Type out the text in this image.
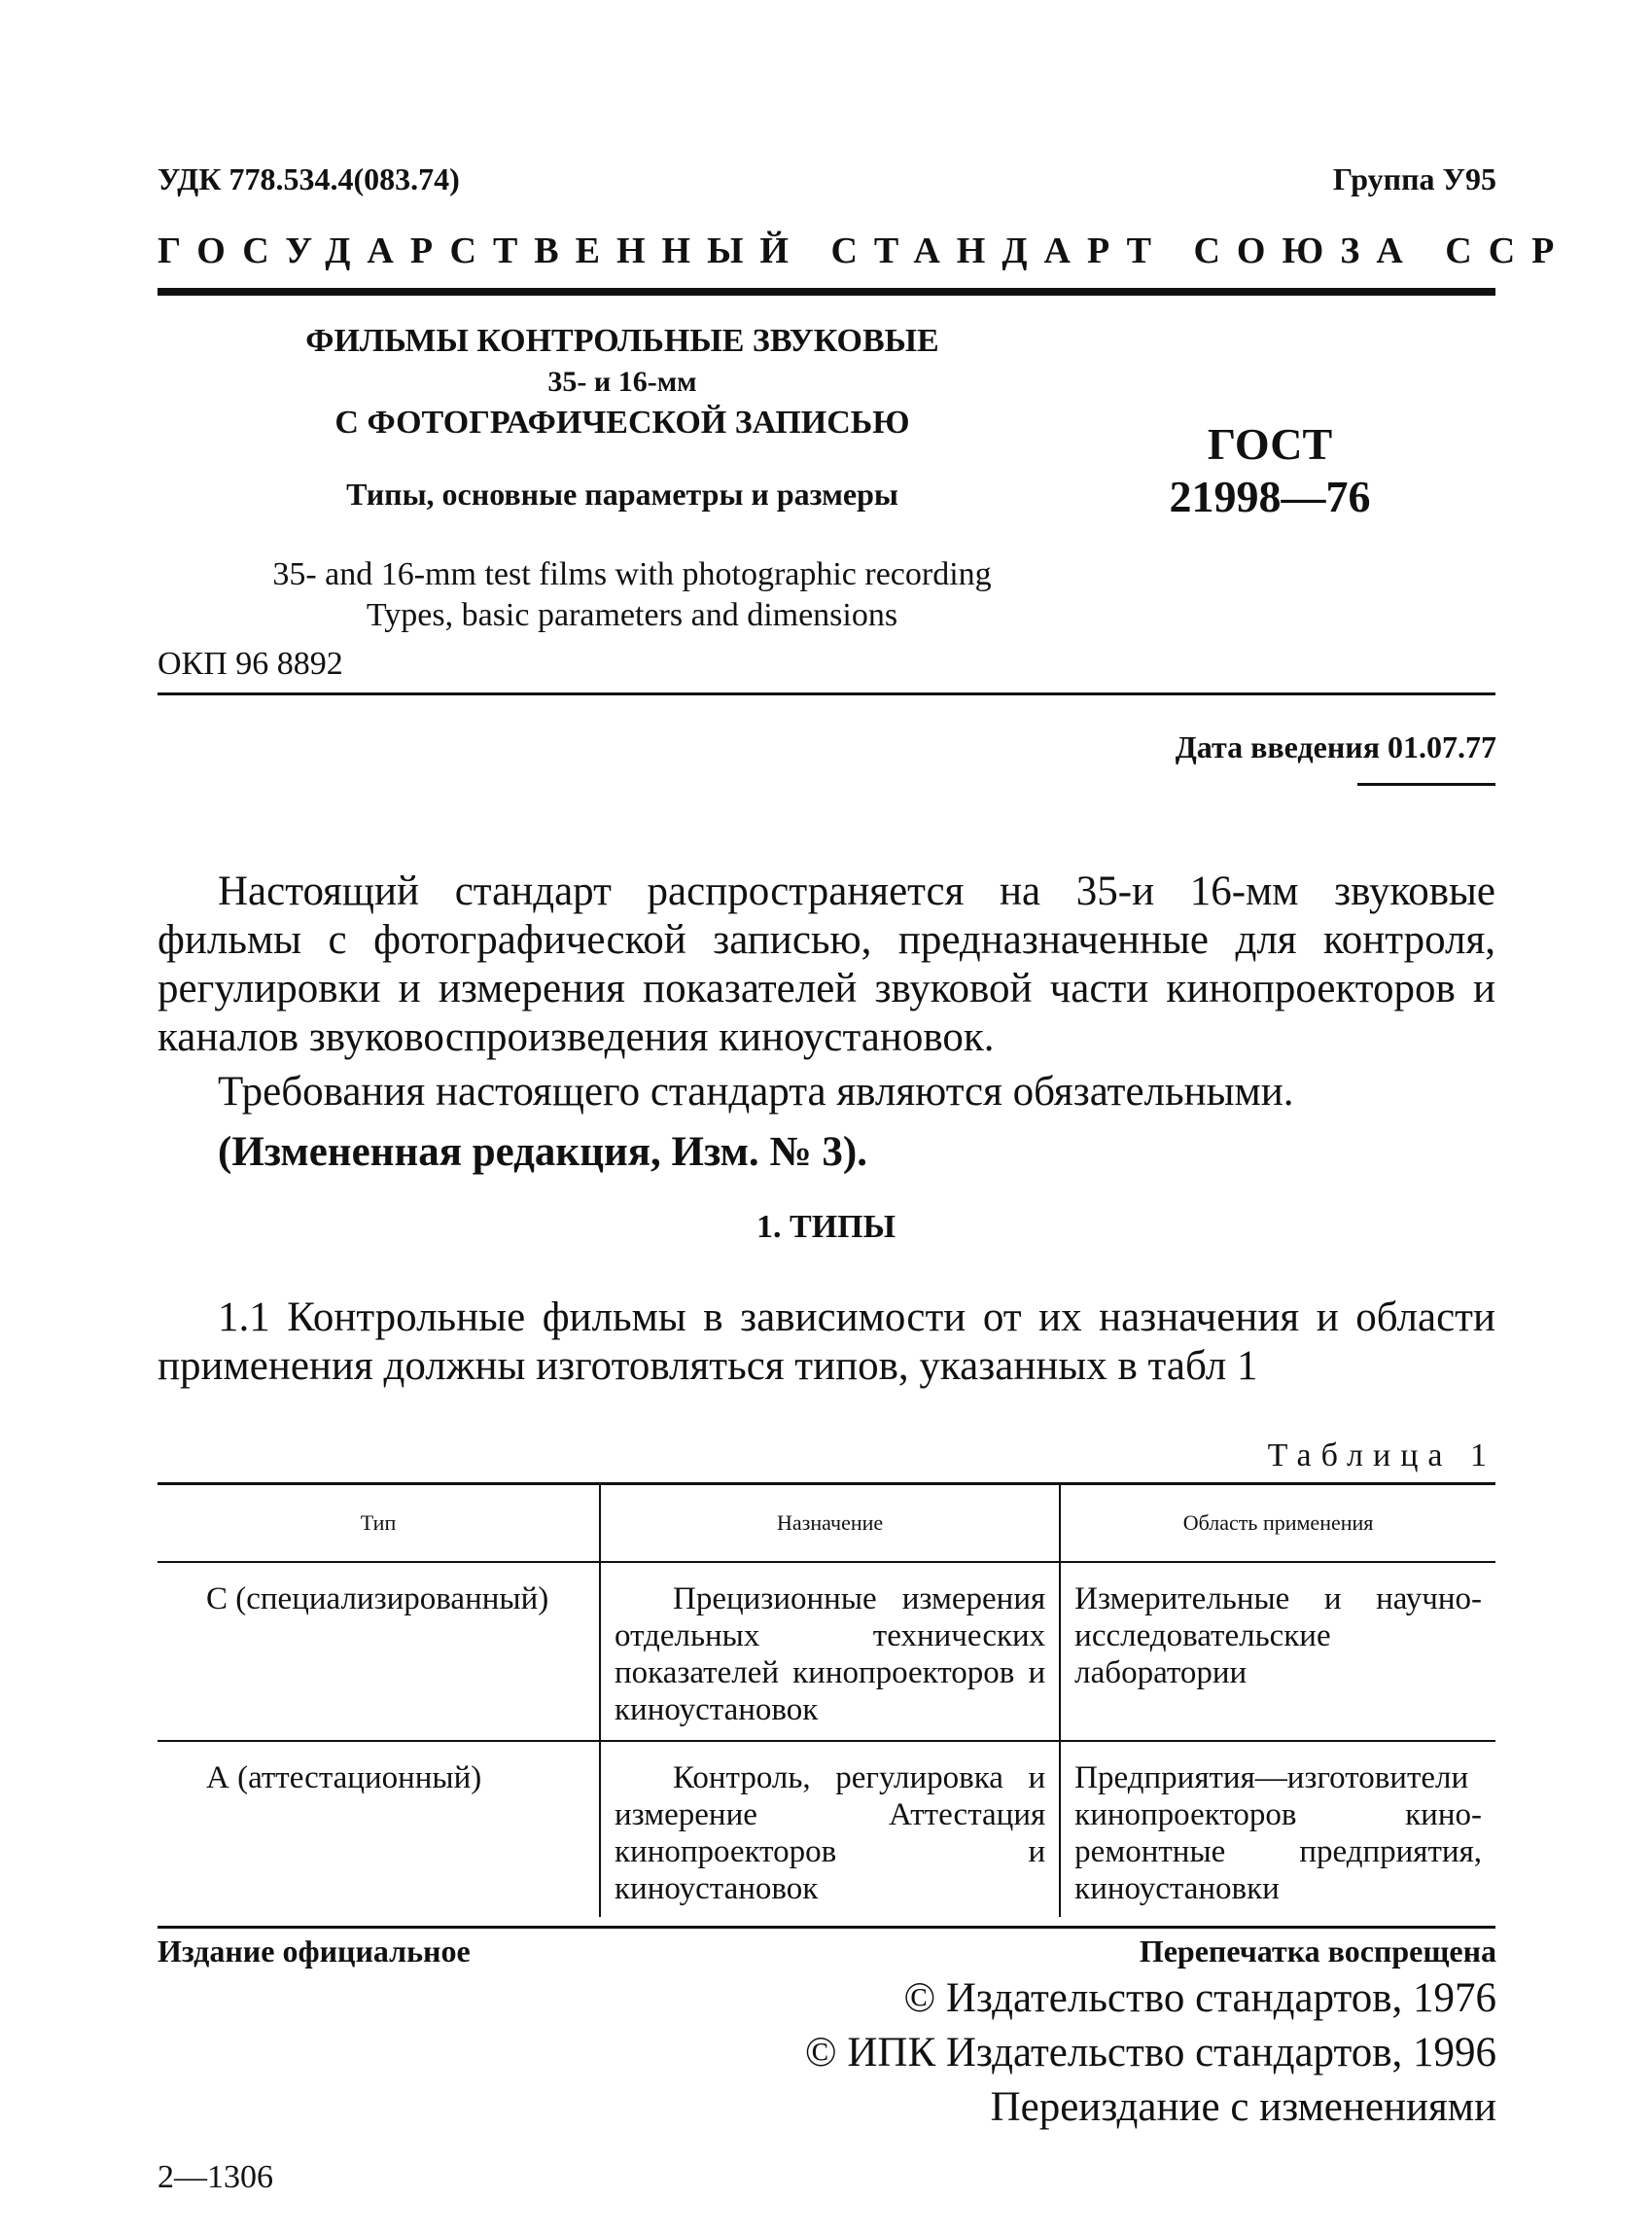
УДК 778.534.4(083.74)	Группа У95
ГОСУДАРСТВЕННЫЙ СТАНДАРТ СОЮЗА ССР
ФИЛЬМЫ КОНТРОЛЬНЫЕ ЗВУКОВЫЕ
35- и 16-мм
С ФОТОГРАФИЧЕСКОЙ ЗАПИСЬЮ
Типы, основные параметры и размеры
ГОСТ
21998—76
35- and 16-mm test films with photographic recording
Types, basic parameters and dimensions
ОКП 96 8892
Дата введения 01.07.77
Настоящий стандарт распространяется на 35-и 16-мм звуковые фильмы с фотографической записью, предназначенные для контроля, регулировки и измерения показателей звуковой части кинопроекторов и каналов звуковоспроизведения киноустановок.
Требования настоящего стандарта являются обязательными.
(Измененная редакция, Изм. № 3).
1. ТИПЫ
1.1 Контрольные фильмы в зависимости от их назначения и области применения должны изготовляться типов, указанных в табл 1
Таблица 1
Тип	Назначение	Область применения
С (специализированный)	Прецизионные измерения отдельных технических показателей кинопроекторов и киноустановок	Измерительные и научно-исследовательские лаборатории
А (аттестационный)	Контроль, регулировка и измерение Аттестация кинопроекторов и киноустановок	Предприятия—изготовители кинопроекторов кинo-ремонтные предприятия, киноустановки
Издание официальное	Перепечатка воспрещена
© Издательство стандартов, 1976
© ИПК Издательство стандартов, 1996
Переиздание с изменениями
2—1306
